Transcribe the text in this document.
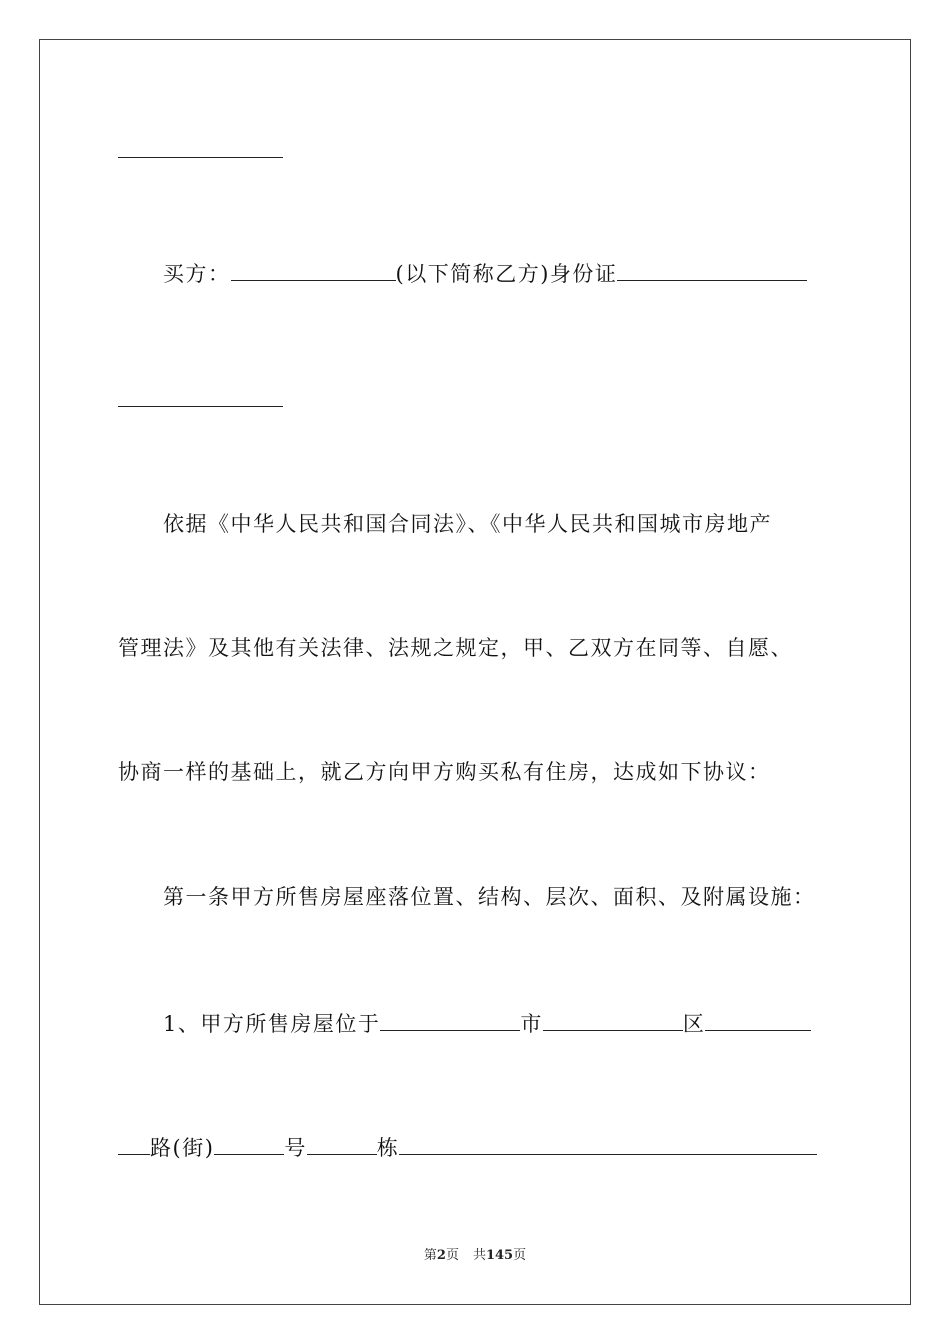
买方：	(以下简称乙方)身份证
依据《中华人民共和国合同法》、《中华人民共和国城市房地产
管理法》及其他有关法律、法规之规定，甲、乙双方在同等、自愿、
协商一样的基础上，就乙方向甲方购买私有住房，达成如下协议：
第一条甲方所售房屋座落位置、结构、层次、面积、及附属设施：
1、甲方所售房屋位于	市	区
路(街)	号	栋
第2页 共145页
